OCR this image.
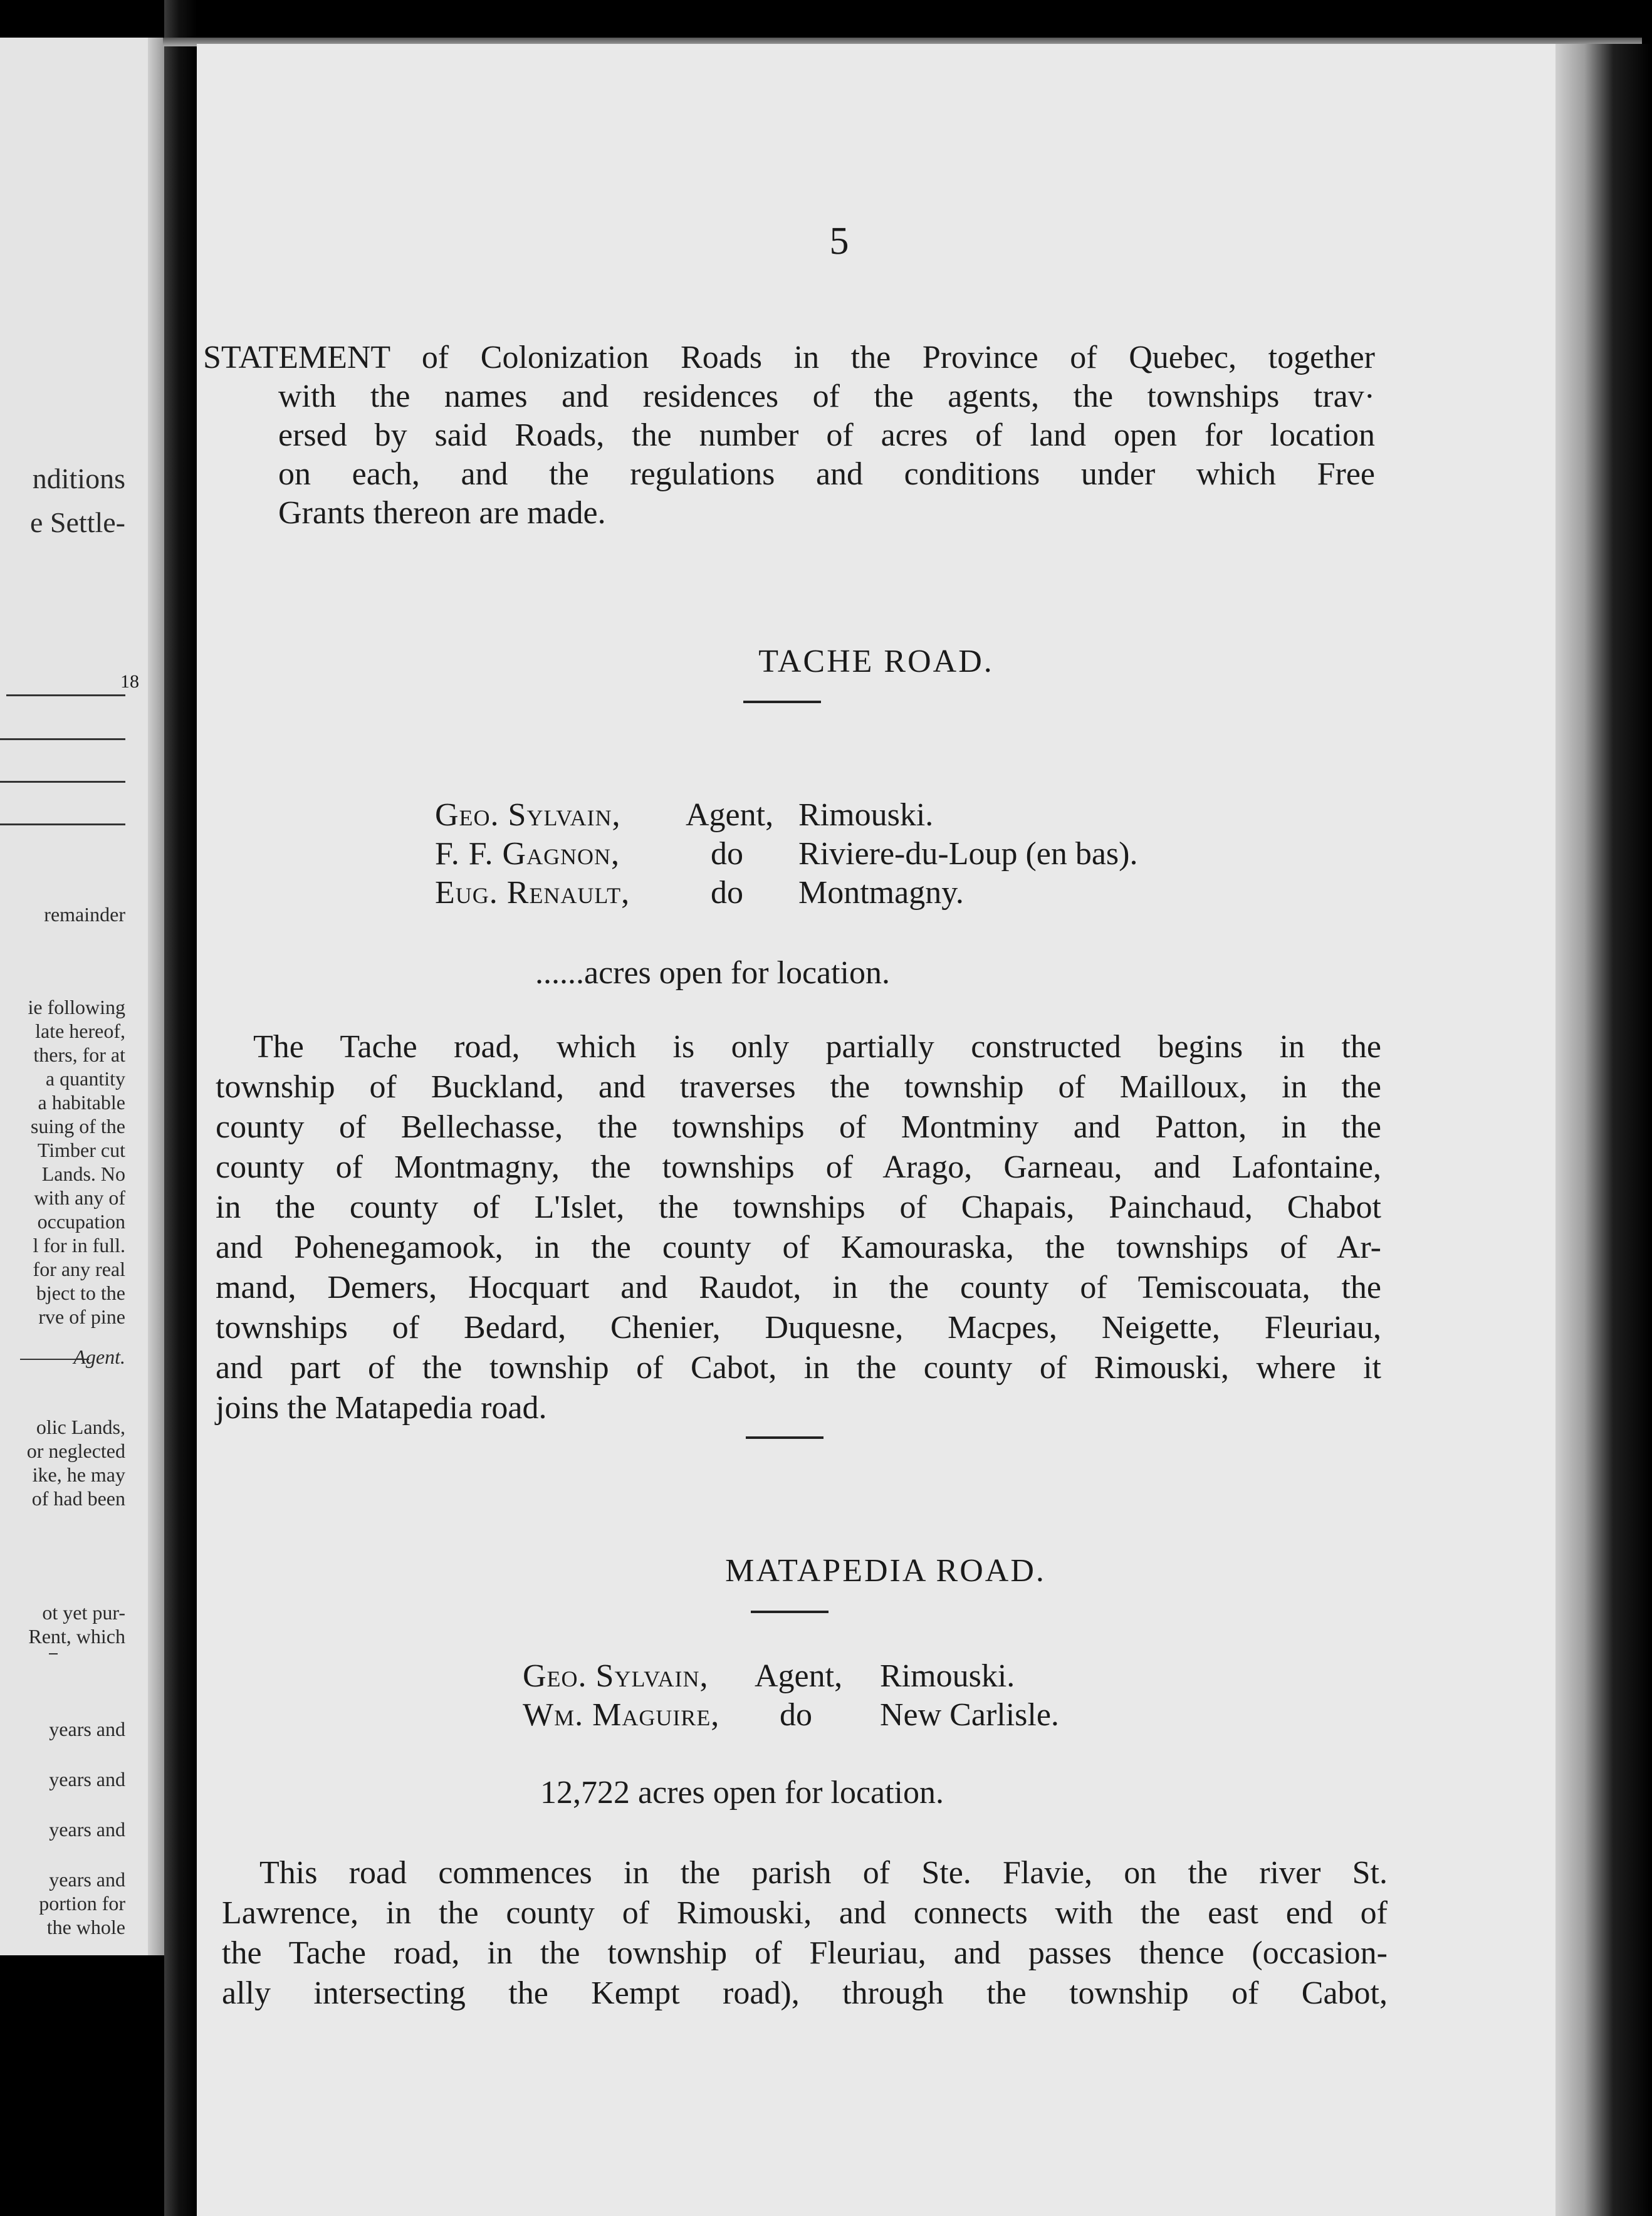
nditions
e Settle-
18
remainder
ie following
late hereof,
thers, for at
a quantity
a habitable
suing of the
Timber cut
Lands. No
with any of
occupation
l for in full.
for any real
bject to the
rve of pine
Agent.
olic Lands,
or neglected
ike, he may
of had been
ot yet pur-
Rent, which
years and
years and
years and
years and
portion for
the whole
5
STATEMENT of Colonization Roads in the Province of Quebec, together
with the names and residences of the agents, the townships trav·
ersed by said Roads, the number of acres of land open for location
on each, and the regulations and conditions under which Free
Grants thereon are made.
TACHE ROAD.
Geo. Sylvain, Agent, Rimouski.
F. F. Gagnon,	do Riviere-du-Loup (en bas).
Eug. Renault, do Montmagny.
......acres open for location.
The Tache road, which is only partially constructed begins in the
township of Buckland, and traverses the township of Mailloux, in the
county of Bellechasse, the townships of Montminy and Patton, in the
county of Montmagny, the townships of Arago, Garneau, and Lafontaine,
in the county of L'Islet, the townships of Chapais, Painchaud, Chabot
and Pohenegamook, in the county of Kamouraska, the townships of Ar-
mand, Demers, Hocquart and Raudot, in the county of Temiscouata, the
townships of Bedard, Chenier, Duquesne, Macpes, Neigette, Fleuriau,
and part of the township of Cabot, in the county of Rimouski, where it
joins the Matapedia road.
MATAPEDIA ROAD.
Geo. Sylvain, Agent, Rimouski.
Wm. Maguire, do New Carlisle.
12,722 acres open for location.
This road commences in the parish of Ste. Flavie, on the river St.
Lawrence, in the county of Rimouski, and connects with the east end of
the Tache road, in the township of Fleuriau, and passes thence (occasion-
ally intersecting the Kempt road), through the township of Cabot,
